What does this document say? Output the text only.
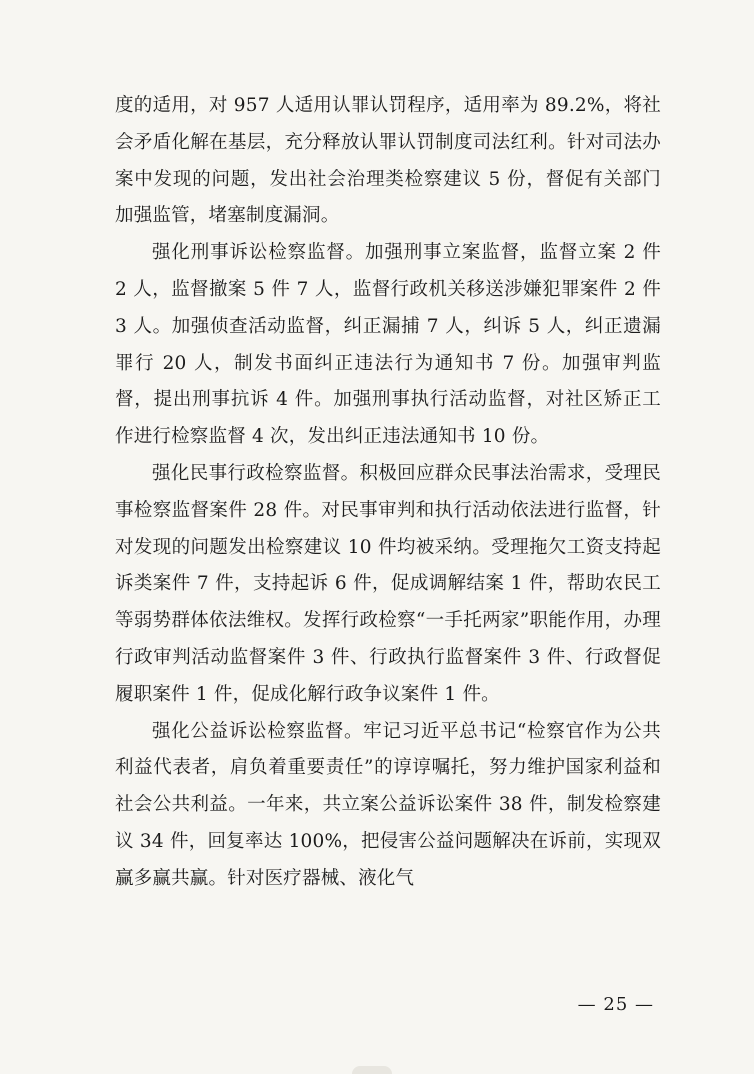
度的适用，对 957 人适用认罪认罚程序，适用率为 89.2%，将社会矛盾化解在基层，充分释放认罪认罚制度司法红利。针对司法办案中发现的问题，发出社会治理类检察建议 5 份，督促有关部门加强监管，堵塞制度漏洞。

强化刑事诉讼检察监督。加强刑事立案监督，监督立案 2 件 2 人，监督撤案 5 件 7 人，监督行政机关移送涉嫌犯罪案件 2 件 3 人。加强侦查活动监督，纠正漏捕 7 人，纠诉 5 人，纠正遗漏罪行 20 人，制发书面纠正违法行为通知书 7 份。加强审判监督，提出刑事抗诉 4 件。加强刑事执行活动监督，对社区矫正工作进行检察监督 4 次，发出纠正违法通知书 10 份。

强化民事行政检察监督。积极回应群众民事法治需求，受理民事检察监督案件 28 件。对民事审判和执行活动依法进行监督，针对发现的问题发出检察建议 10 件均被采纳。受理拖欠工资支持起诉类案件 7 件，支持起诉 6 件，促成调解结案 1 件，帮助农民工等弱势群体依法维权。发挥行政检察“一手托两家”职能作用，办理行政审判活动监督案件 3 件、行政执行监督案件 3 件、行政督促履职案件 1 件，促成化解行政争议案件 1 件。

强化公益诉讼检察监督。牢记习近平总书记“检察官作为公共利益代表者，肩负着重要责任”的谆谆嘱托，努力维护国家利益和社会公共利益。一年来，共立案公益诉讼案件 38 件，制发检察建议 34 件，回复率达 100%，把侵害公益问题解决在诉前，实现双赢多赢共赢。针对医疗器械、液化气

— 25 —
